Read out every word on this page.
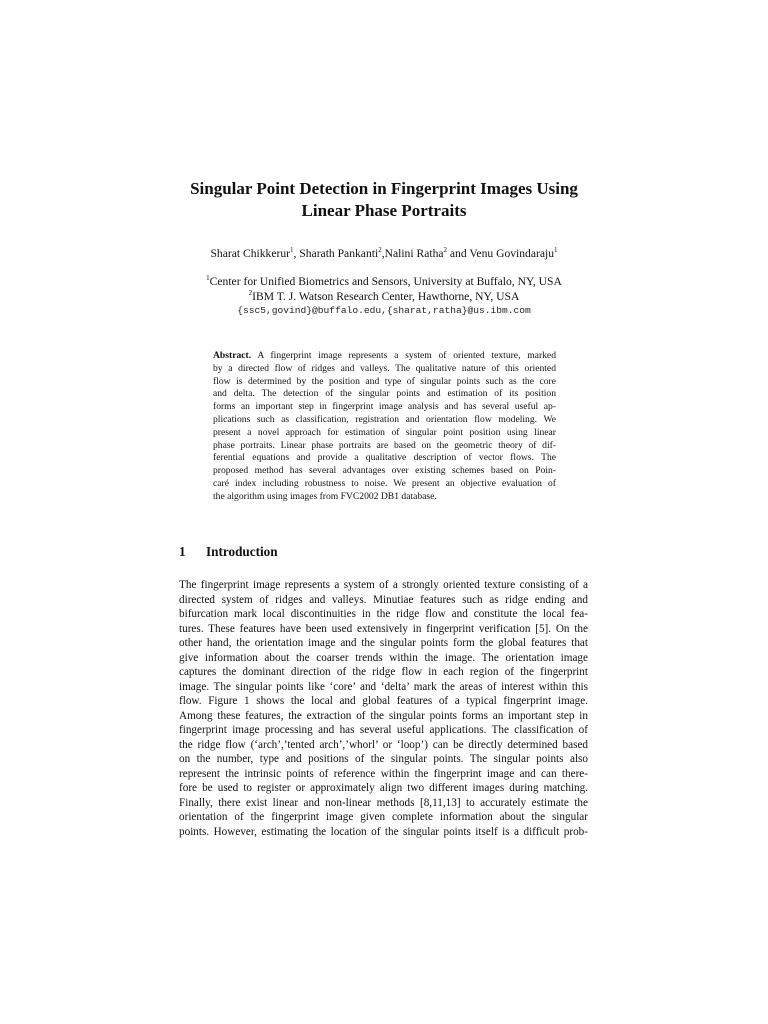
Singular Point Detection in Fingerprint Images Using
Linear Phase Portraits
Sharat Chikkerur$^1$, Sharath Pankanti$^2$,Nalini Ratha$^2$ and Venu Govindaraju$^1$
$^1$Center for Unified Biometrics and Sensors, University at Buffalo, NY, USA
$^2$IBM T. J. Watson Research Center, Hawthorne, NY, USA
{ssc5,govind}@buffalo.edu,{sharat,ratha}@us.ibm.com
Abstract. A fingerprint image represents a system of oriented texture, marked
by a directed flow of ridges and valleys. The qualitative nature of this oriented
flow is determined by the position and type of singular points such as the core
and delta. The detection of the singular points and estimation of its position
forms an important step in fingerprint image analysis and has several useful ap-
plications such as classification, registration and orientation flow modeling. We
present a novel approach for estimation of singular point position using linear
phase portraits. Linear phase portraits are based on the geometric theory of dif-
ferential equations and provide a qualitative description of vector flows. The
proposed method has several advantages over existing schemes based on Poin-
caré index including robustness to noise. We present an objective evaluation of
the algorithm using images from FVC2002 DB1 database.
1 Introduction
The fingerprint image represents a system of a strongly oriented texture consisting of a
directed system of ridges and valleys. Minutiae features such as ridge ending and
bifurcation mark local discontinuities in the ridge flow and constitute the local fea-
tures. These features have been used extensively in fingerprint verification [5]. On the
other hand, the orientation image and the singular points form the global features that
give information about the coarser trends within the image. The orientation image
captures the dominant direction of the ridge flow in each region of the fingerprint
image. The singular points like ‘core’ and ‘delta’ mark the areas of interest within this
flow. Figure 1 shows the local and global features of a typical fingerprint image.
Among these features, the extraction of the singular points forms an important step in
fingerprint image processing and has several useful applications. The classification of
the ridge flow (‘arch’,’tented arch’,’whorl’ or ‘loop’) can be directly determined based
on the number, type and positions of the singular points. The singular points also
represent the intrinsic points of reference within the fingerprint image and can there-
fore be used to register or approximately align two different images during matching.
Finally, there exist linear and non-linear methods [8,11,13] to accurately estimate the
orientation of the fingerprint image given complete information about the singular
points. However, estimating the location of the singular points itself is a difficult prob-
